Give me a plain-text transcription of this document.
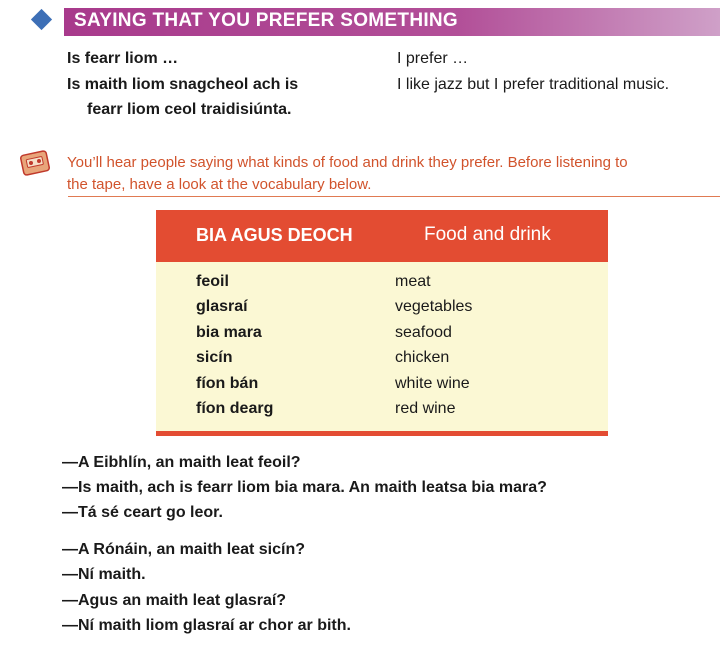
SAYING THAT YOU PREFER SOMETHING
Is fearr liom …	I prefer …
Is maith liom snagcheol ach is	I like jazz but I prefer traditional music.
fearr liom ceol traidisiúnta.
You’ll hear people saying what kinds of food and drink they prefer. Before listening to
the tape, have a look at the vocabulary below.
BIA AGUS DEOCH	Food and drink
feoil	meat
glasraí	vegetables
bia mara	seafood
sicín	chicken
fíon bán	white wine
fíon dearg	red wine
—A Eibhlín, an maith leat feoil?
—Is maith, ach is fearr liom bia mara. An maith leatsa bia mara?
—Tá sé ceart go leor.
—A Rónáin, an maith leat sicín?
—Ní maith.
—Agus an maith leat glasraí?
—Ní maith liom glasraí ar chor ar bith.
